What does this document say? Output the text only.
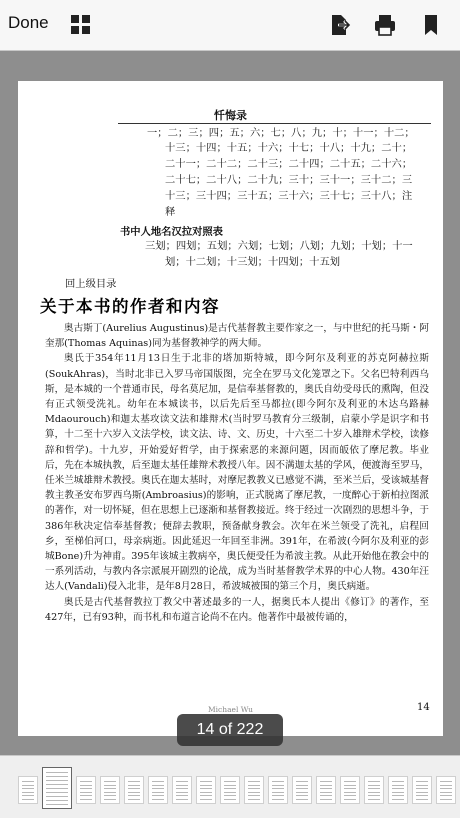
Done
忏悔录
一；二；三；四；五；六；七；八；九；十；十一；十二；
十三；十四；十五；十六；十七；十八；十九；二十；
二十一；二十二；二十三；二十四；二十五；二十六；
二十七；二十八；二十九；三十；三十一；三十二；三
十三；三十四；三十五；三十六；三十七；三十八；注
释
书中人地名汉拉对照表
三划；四划；五划；六划；七划；八划；九划；十划；十一
划；十二划；十三划；十四划；十五划
回上级目录
关于本书的作者和内容

奥古斯丁(Aurelius Augustinus)是古代基督教主要作家之一，与中世纪的托马斯・阿奎那(Thomas Aquinas)同为基督教神学的两大师。

奥氏于354年11月13日生于北非的塔加斯特城，即今阿尔及利亚的苏克阿赫拉斯(SoukAhras)，当时北非已入罗马帝国版图，完全在罗马文化笼罩之下。父名巴特利西乌斯，是本城的一个普通市民，母名莫尼加，是信奉基督教的，奥氏自幼受母氏的熏陶，但没有正式领受洗礼。幼年在本城读书，以后先后至马都拉(即今阿尔及利亚的木达乌路赫Mdaourouch)和迦太基攻读文法和雄辩术(当时罗马教育分三级制，启蒙小学是识字和书算，十二至十六岁入文法学校，读文法、诗、文、历史，十六至二十岁入雄辩术学校，读修辞和哲学)。十九岁，开始爱好哲学，由于探索恶的来源问题，因而皈依了摩尼教。毕业后，先在本城执教，后至迦太基任雄辩术教授八年。因不满迦太基的学风，便渡海至罗马，任米兰城雄辩术教授。奥氏在迦太基时，对摩尼教教义已感觉不满，至米兰后，受该城基督教主教圣安布罗西乌斯(Ambroasius)的影响，正式脱离了摩尼教，一度醉心于新柏拉图派的著作，对一切怀疑，但在思想上已逐渐和基督教接近。终于经过一次剧烈的思想斗争，于386年秋决定信奉基督教；便辞去教职，预备献身教会。次年在米兰领受了洗礼，启程回乡，至梯伯河口，母亲病逝。因此延迟一年回至非洲。391年，在希波(今阿尔及利亚的彭城Bone)升为神甫。395年该城主教病卒，奥氏便受任为希波主教。从此开始他在教会中的一系列活动，与教内各宗派展开剧烈的论战，成为当时基督教学术界的中心人物。430年汪达人(Vandali)侵入北非，是年8月28日，希波城被围的第三个月，奥氏病逝。

奥氏是古代基督教拉丁教父中著述最多的一人，据奥氏本人提出《修订》的著作，至427年，已有93种，而书札和布道言论尚不在内。他著作中最被传诵的，

Michael Wu	14
14 of 222
